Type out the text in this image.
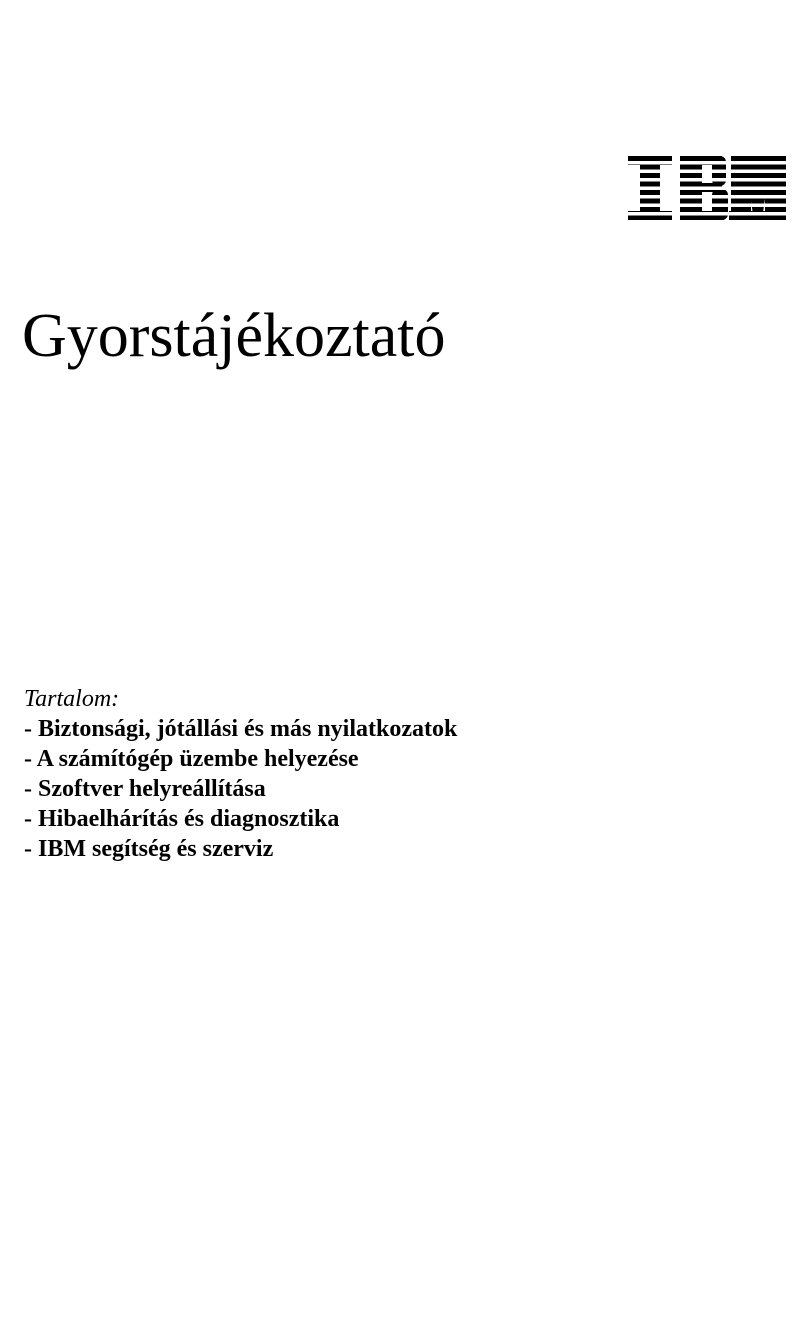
Gyorstájékoztató
Tartalom:
- Biztonsági, jótállási és más nyilatkozatok
- A számítógép üzembe helyezése
- Szoftver helyreállítása
- Hibaelhárítás és diagnosztika
- IBM segítség és szerviz
